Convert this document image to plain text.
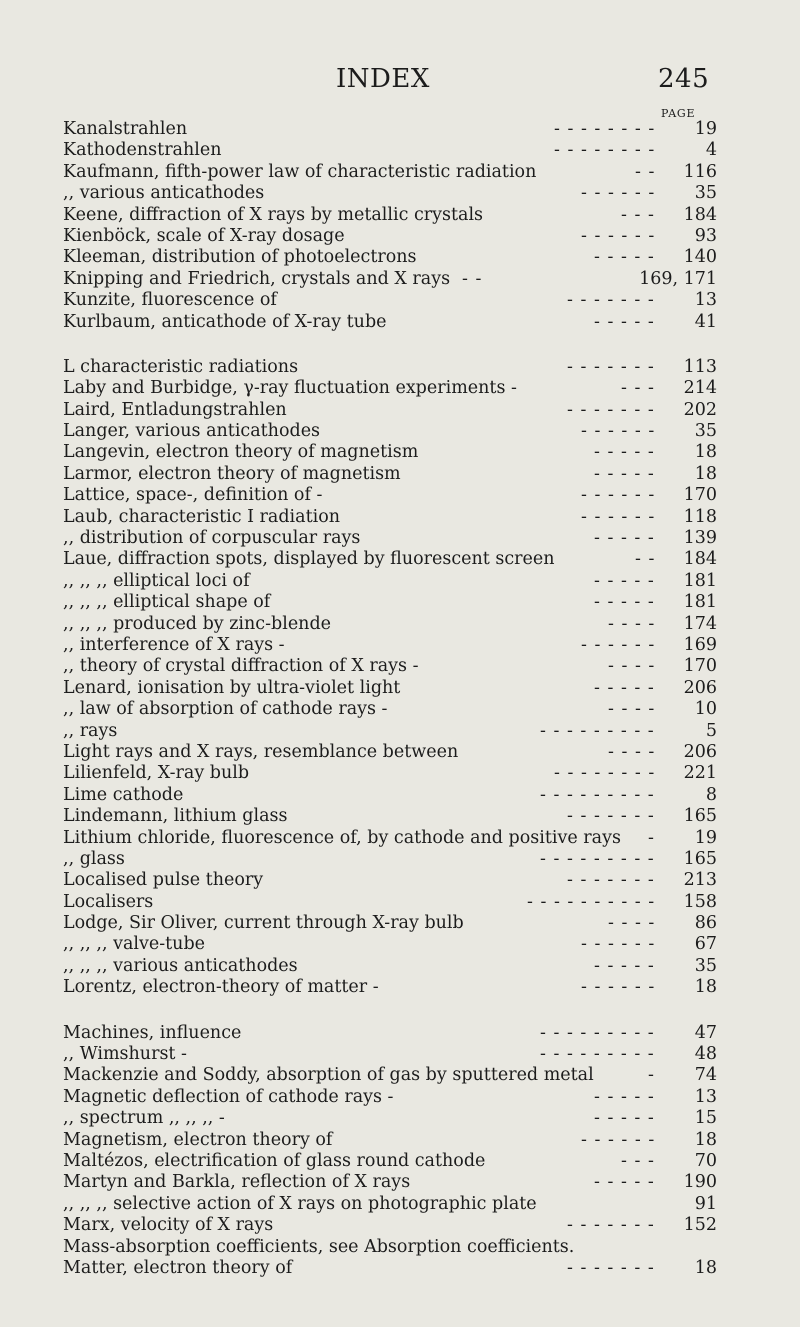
INDEX	245
PAGE
Kanalstrahlen	- - - - - - - - 19
Kathodenstrahlen	- - - - - - - -	4
Kaufmann, fifth-power law of characteristic radiation	- - 116
,, various anticathodes	- - - - - - 35
Keene, diffraction of X rays by metallic crystals	- - - 184
Kienböck, scale of X-ray dosage	- - - - - - 93
Kleeman, distribution of photoelectrons	- - - - - 140
Knipping and Friedrich, crystals and X rays - -	169, 171
Kunzite, fluorescence of	- - - - - - - 13
Kurlbaum, anticathode of X-ray tube	- - - - - 41
L characteristic radiations	- - - - - - - 113
Laby and Burbidge, γ-ray fluctuation experiments -	- - - 214
Laird, Entladungstrahlen	- - - - - - - 202
Langer, various anticathodes	- - - - - - 35
Langevin, electron theory of magnetism	- - - - - 18
Larmor, electron theory of magnetism	- - - - - 18
Lattice, space-, definition of -	- - - - - - 170
Laub, characteristic I radiation	- - - - - - 118
,, distribution of corpuscular rays	- - - - - 139
Laue, diffraction spots, displayed by fluorescent screen	- - 184
,, ,, ,, elliptical loci of	- - - - - 181
,, ,, ,, elliptical shape of	- - - - - 181
,, ,, ,, produced by zinc-blende	- - - - 174
,, interference of X rays -	- - - - - - 169
,, theory of crystal diffraction of X rays -	- - - - 170
Lenard, ionisation by ultra-violet light	- - - - - 206
,, law of absorption of cathode rays -	- - - - 10
,, rays	- - - - - - - - -	5
Light rays and X rays, resemblance between	- - - - 206
Lilienfeld, X-ray bulb	- - - - - - - - 221
Lime cathode	- - - - - - - - -	8
Lindemann, lithium glass	- - - - - - - 165
Lithium chloride, fluorescence of, by cathode and positive rays - 19
,, glass	- - - - - - - - - 165
Localised pulse theory	- - - - - - - 213
Localisers	- - - - - - - - - - 158
Lodge, Sir Oliver, current through X-ray bulb	- - - - 86
,, ,, ,, valve-tube	- - - - - - 67
,, ,, ,, various anticathodes	- - - - - 35
Lorentz, electron-theory of matter -	- - - - - - 18
Machines, influence	- - - - - - - - - 47
,, Wimshurst -	- - - - - - - - - 48
Mackenzie and Soddy, absorption of gas by sputtered metal	- 74
Magnetic deflection of cathode rays -	- - - - - 13
,, spectrum ,, ,, ,, -	- - - - - 15
Magnetism, electron theory of	- - - - - - 18
Maltézos, electrification of glass round cathode	- - - 70
Martyn and Barkla, reflection of X rays	- - - - - 190
,, ,, ,, selective action of X rays on photographic plate	91
Marx, velocity of X rays	- - - - - - - 152
Mass-absorption coefficients, see Absorption coefficients.
Matter, electron theory of	- - - - - - - 18
